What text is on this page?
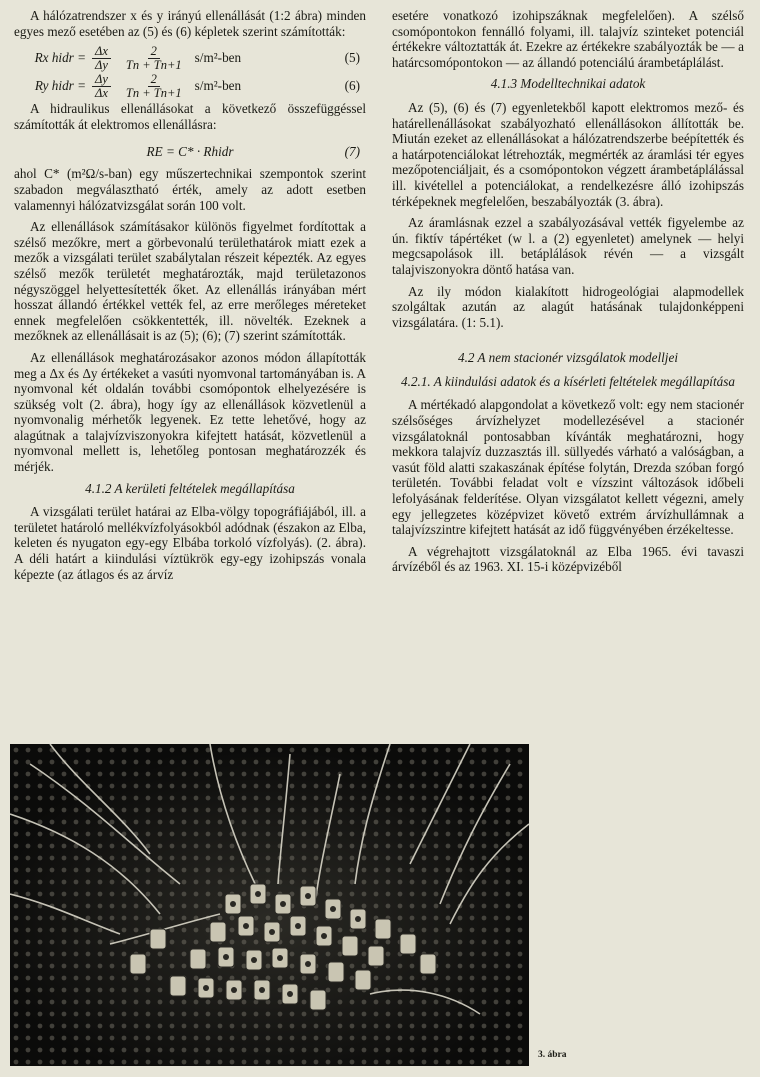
A hálózatrendszer x és y irányú ellenállását (1:2 ábra) minden egyes mező esetében az (5) és (6) képletek szerint számították:

Rx hidr = $\frac{\Delta x}{\Delta y} \frac{2}{Tn + Tn+1} s/m^2-ben$	(5)
Ry hidr = $\frac{\Delta y}{\Delta x} \frac{2}{Tn + Tn+1} s/m^2-ben$	(6)

A hidraulikus ellenállásokat a következő összefüggéssel számították át elektromos ellenállásra:

RE = C* · Rhidr	(7)

ahol C* (m²Ω/s-ban) egy műszertechnikai szempontok szerint szabadon megválasztható érték, amely az adott esetben valamennyi hálózatvizsgálat során 100 volt.

Az ellenállások számításakor különös figyelmet fordítottak a szélső mezőkre, mert a görbevonalú területhatárok miatt ezek a mezők a vizsgálati terület szabálytalan részeit képezték. Az egyes szélső mezők területét meghatározták, majd területazonos négyszöggel helyettesítették őket. Az ellenállás irányában mért hosszat állandó értékkel vették fel, az erre merőleges méreteket ennek megfelelően csökkentették, ill. növelték. Ezeknek a mezőknek az ellenállásait is az (5); (6); (7) szerint számították.

Az ellenállások meghatározásakor azonos módon állapították meg a Δx és Δy értékeket a vasúti nyomvonal tartományában is. A nyomvonal két oldalán további csomópontok elhelyezésére is szükség volt (2. ábra), hogy így az ellenállások közvetlenül a nyomvonalig mérhetők legyenek. Ez tette lehetővé, hogy az alagútnak a talajvízviszonyokra kifejtett hatását, közvetlenül a nyomvonal mellett is, lehetőleg pontosan meghatározzék és mérjék.

4.1.2 A kerületi feltételek megállapítása

A vizsgálati terület határai az Elba-völgy topográfiájából, ill. a területet határoló mellékvízfolyásokból adódnak (északon az Elba, keleten és nyugaton egy-egy Elbába torkoló vízfolyás). (2. ábra). A déli határt a kiindulási víztükrök egy-egy izohipszás vonala képezte (az átlagos és az árvíz

esetére vonatkozó izohipszáknak megfelelően). A szélső csomópontokon fennálló folyami, ill. talajvíz szinteket potenciál értékekre változtatták át. Ezekre az értékekre szabályozták be — a határcsomópontokon — az állandó potenciálú árambetáplálást.

4.1.3 Modelltechnikai adatok

Az (5), (6) és (7) egyenletekből kapott elektromos mező- és határellenállásokat szabályozható ellenállásokon állították be. Miután ezeket az ellenállásokat a hálózatrendszerbe beépítették és a határpotenciálokat létrehozták, megmérték az áramlási tér egyes mezőpotenciáljait, és a csomópontokon végzett árambetáplálással ill. kivétellel a potenciálokat, a rendelkezésre álló izohipszás térképeknek megfelelően, beszabályozták (3. ábra).

Az áramlásnak ezzel a szabályozásával vették figyelembe az ún. fiktív tápértéket (w l. a (2) egyenletet) amelynek — helyi megcsapolások ill. betáplálások révén — a vizsgált talajviszonyokra döntő hatása van.

Az ily módon kialakított hidrogeológiai alapmodellek szolgáltak azután az alagút hatásának tulajdonképpeni vizsgálatára. (1: 5.1).

4.2 A nem stacionér vizsgálatok modelljei
4.2.1. A kiindulási adatok és a kísérleti feltételek megállapítása

A mértékadó alapgondolat a következő volt: egy nem stacionér szélsőséges árvízhelyzet modellezésével a stacionér vizsgálatoknál pontosabban kívánták meghatározni, hogy mekkora talajvíz duzzasztás ill. süllyedés várható a valóságban, a vasút föld alatti szakaszának építése folytán, Drezda szóban forgó területén. További feladat volt e vízszint változások időbeli lefolyásának felderítése. Olyan vizsgálatot kellett végezni, amely egy jellegzetes középvizet követő extrém árvízhullámnak a talajvízszintre kifejtett hatását az idő függvényében érzékeltesse.

A végrehajtott vizsgálatoknál az Elba 1965. évi tavaszi árvízéből és az 1963. XI. 15-i középvizéből

3. ábra
